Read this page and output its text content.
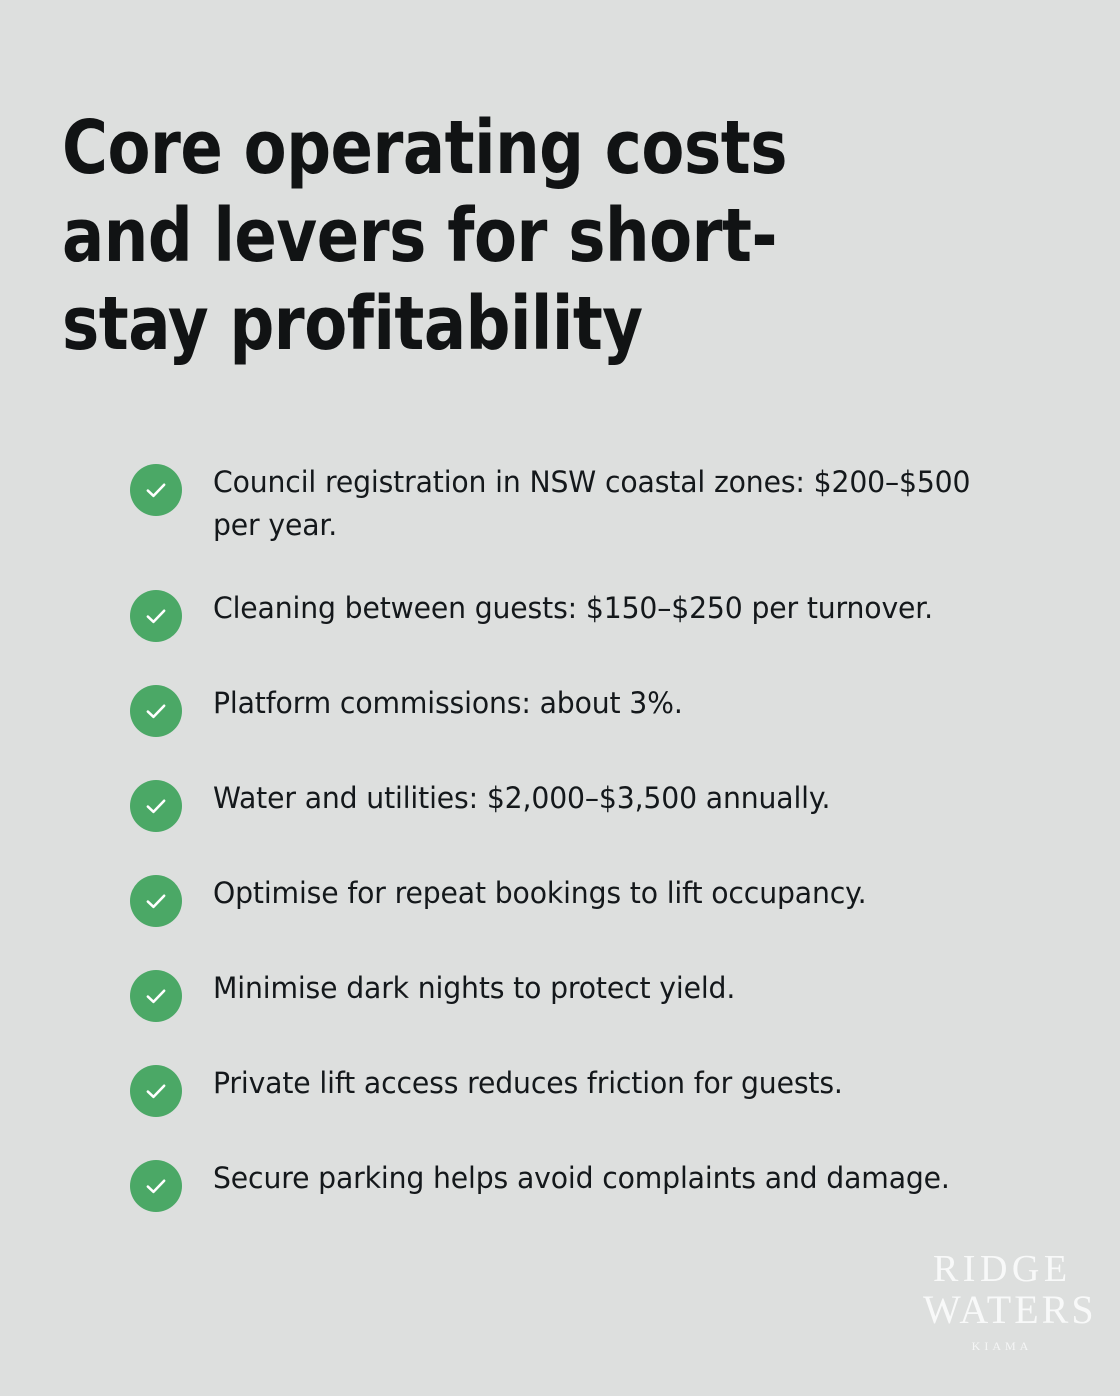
Core operating costs and levers for short-stay profitability
Council registration in NSW coastal zones: $200–$500 per year.
Cleaning between guests: $150–$250 per turnover.
Platform commissions: about 3%.
Water and utilities: $2,000–$3,500 annually.
Optimise for repeat bookings to lift occupancy.
Minimise dark nights to protect yield.
Private lift access reduces friction for guests.
Secure parking helps avoid complaints and damage.
RIDGE
WATERS
KIAMA
